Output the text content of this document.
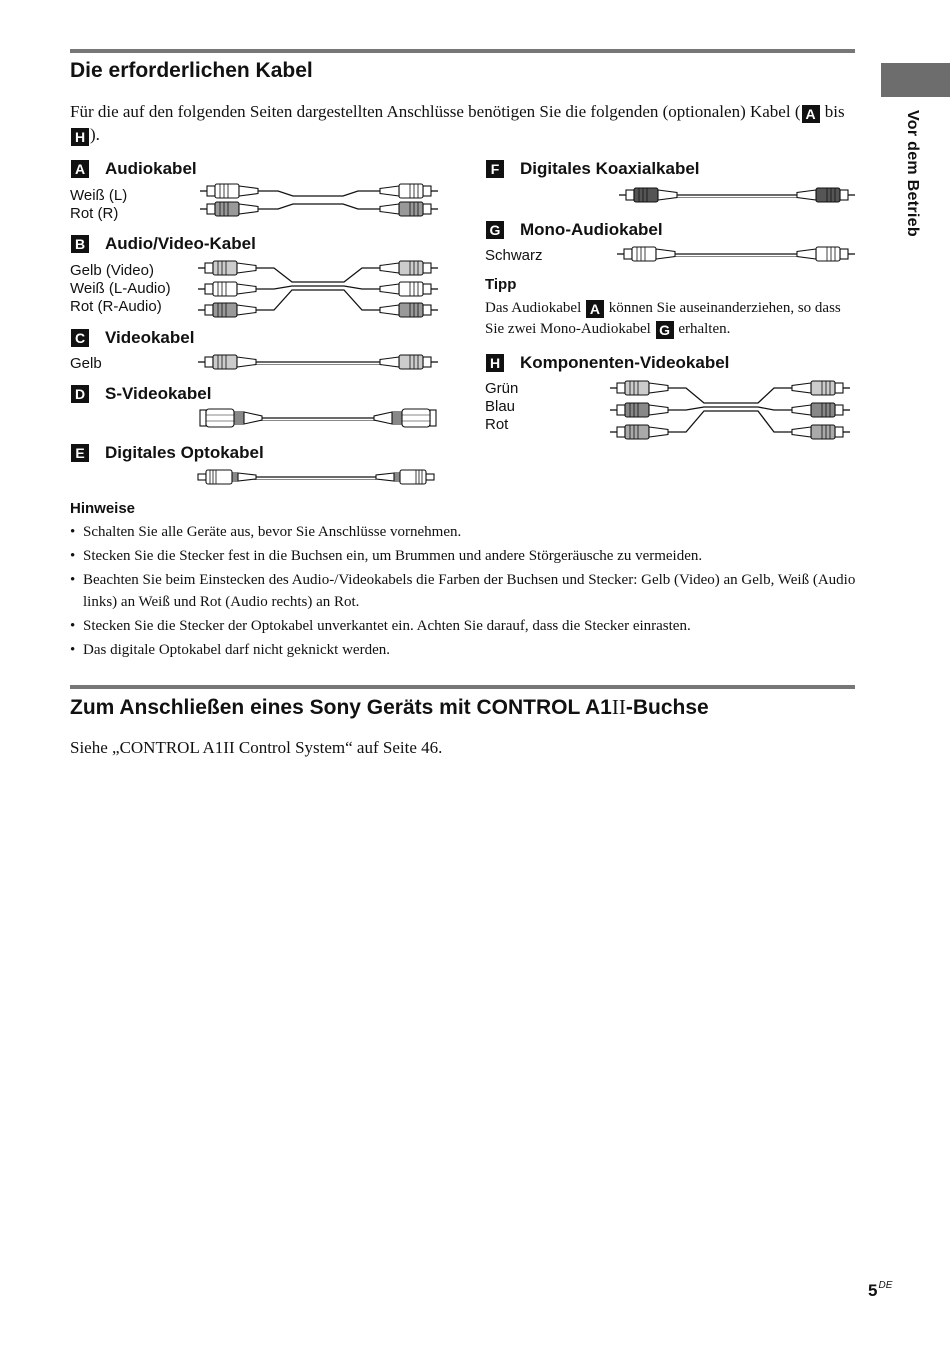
Die erforderlichen Kabel
Für die auf den folgenden Seiten dargestellten Anschlüsse benötigen Sie die folgenden (optionalen) Kabel ( A bis H ).	Vor dem Betrieb
A Audiokabel
Weiß (L)
Rot (R)
B Audio/Video-Kabel
Gelb (Video)
Weiß (L-Audio)
Rot (R-Audio)
C Videokabel
Gelb
D S-Videokabel
E Digitales Optokabel
F Digitales Koaxialkabel
G Mono-Audiokabel
Schwarz
Tipp
Das Audiokabel A können Sie auseinanderziehen, so dass Sie zwei Mono-Audiokabel G erhalten.
H Komponenten-Videokabel
Grün
Blau
Rot
Hinweise
• Schalten Sie alle Geräte aus, bevor Sie Anschlüsse vornehmen.
• Stecken Sie die Stecker fest in die Buchsen ein, um Brummen und andere Störgeräusche zu vermeiden.
• Beachten Sie beim Einstecken des Audio-/Videokabels die Farben der Buchsen und Stecker: Gelb (Video) an Gelb, Weiß (Audio links) an Weiß und Rot (Audio rechts) an Rot.
• Stecken Sie die Stecker der Optokabel unverkantet ein. Achten Sie darauf, dass die Stecker einrasten.
• Das digitale Optokabel darf nicht geknickt werden.
Zum Anschließen eines Sony Geräts mit CONTROL A1II-Buchse
Siehe „CONTROL A1II Control System“ auf Seite 46.
5DE
